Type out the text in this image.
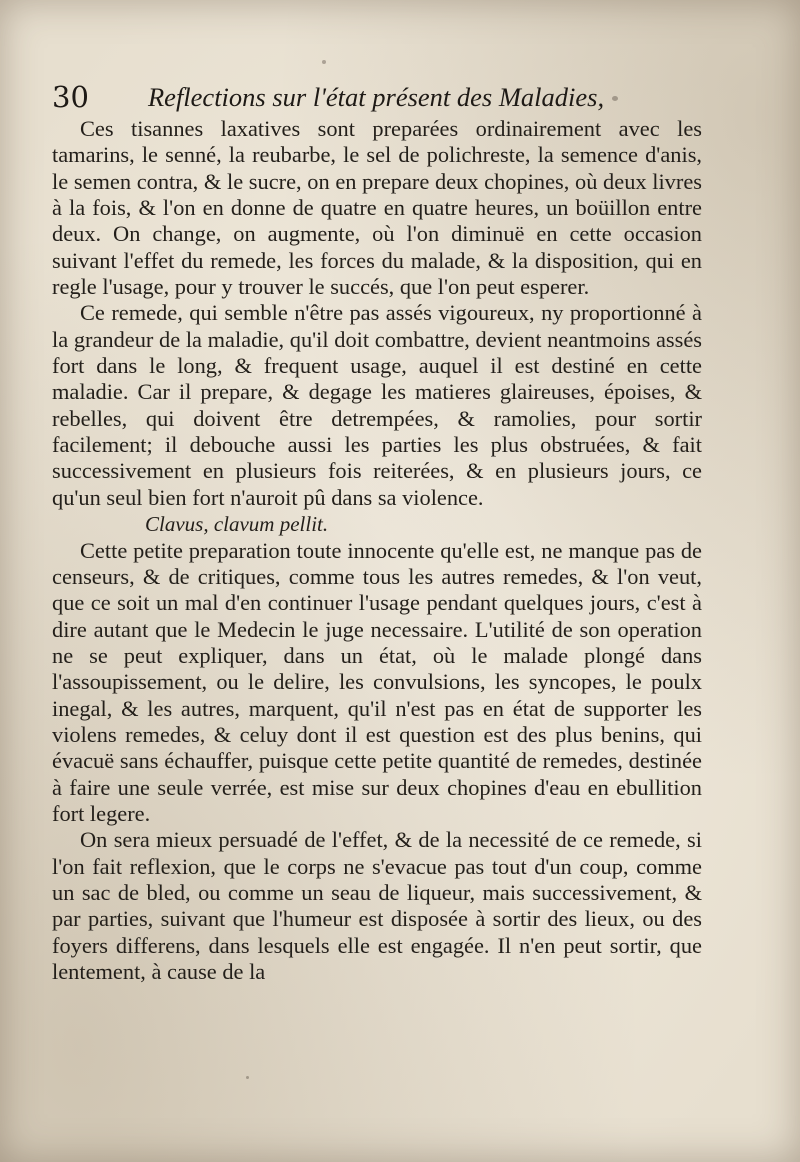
30 Reflections sur l'état présent des Maladies,

Ces tisannes laxatives sont preparées ordinairement avec les tamarins, le senné, la reubarbe, le sel de polichreste, la semence d'anis, le semen contra, & le sucre, on en prepare deux chopines, où deux livres à la fois, & l'on en donne de quatre en quatre heures, un boüillon entre deux. On change, on augmente, où l'on diminuë en cette occasion suivant l'effet du remede, les forces du malade, & la disposition, qui en regle l'usage, pour y trouver le succés, que l'on peut esperer.

Ce remede, qui semble n'être pas assés vigoureux, ny proportionné à la grandeur de la maladie, qu'il doit combattre, devient neantmoins assés fort dans le long, & frequent usage, auquel il est destiné en cette maladie. Car il prepare, & degage les matieres glaireuses, époises, & rebelles, qui doivent être detrempées, & ramolies, pour sortir facilement; il debouche aussi les parties les plus obstruées, & fait successivement en plusieurs fois reiterées, & en plusieurs jours, ce qu'un seul bien fort n'auroit pû dans sa violence.

Clavus, clavum pellit.

Cette petite preparation toute innocente qu'elle est, ne manque pas de censeurs, & de critiques, comme tous les autres remedes, & l'on veut, que ce soit un mal d'en continuer l'usage pendant quelques jours, c'est à dire autant que le Medecin le juge necessaire. L'utilité de son operation ne se peut expliquer, dans un état, où le malade plongé dans l'assoupissement, ou le delire, les convulsions, les syncopes, le poulx inegal, & les autres, marquent, qu'il n'est pas en état de supporter les violens remedes, & celuy dont il est question est des plus benins, qui évacuë sans échauffer, puisque cette petite quantité de remedes, destinée à faire une seule verrée, est mise sur deux chopines d'eau en ebullition fort legere.

On sera mieux persuadé de l'effet, & de la necessité de ce remede, si l'on fait reflexion, que le corps ne s'evacue pas tout d'un coup, comme un sac de bled, ou comme un seau de liqueur, mais successivement, & par parties, suivant que l'humeur est disposée à sortir des lieux, ou des foyers differens, dans lesquels elle est engagée. Il n'en peut sortir, que lentement, à cause de la
